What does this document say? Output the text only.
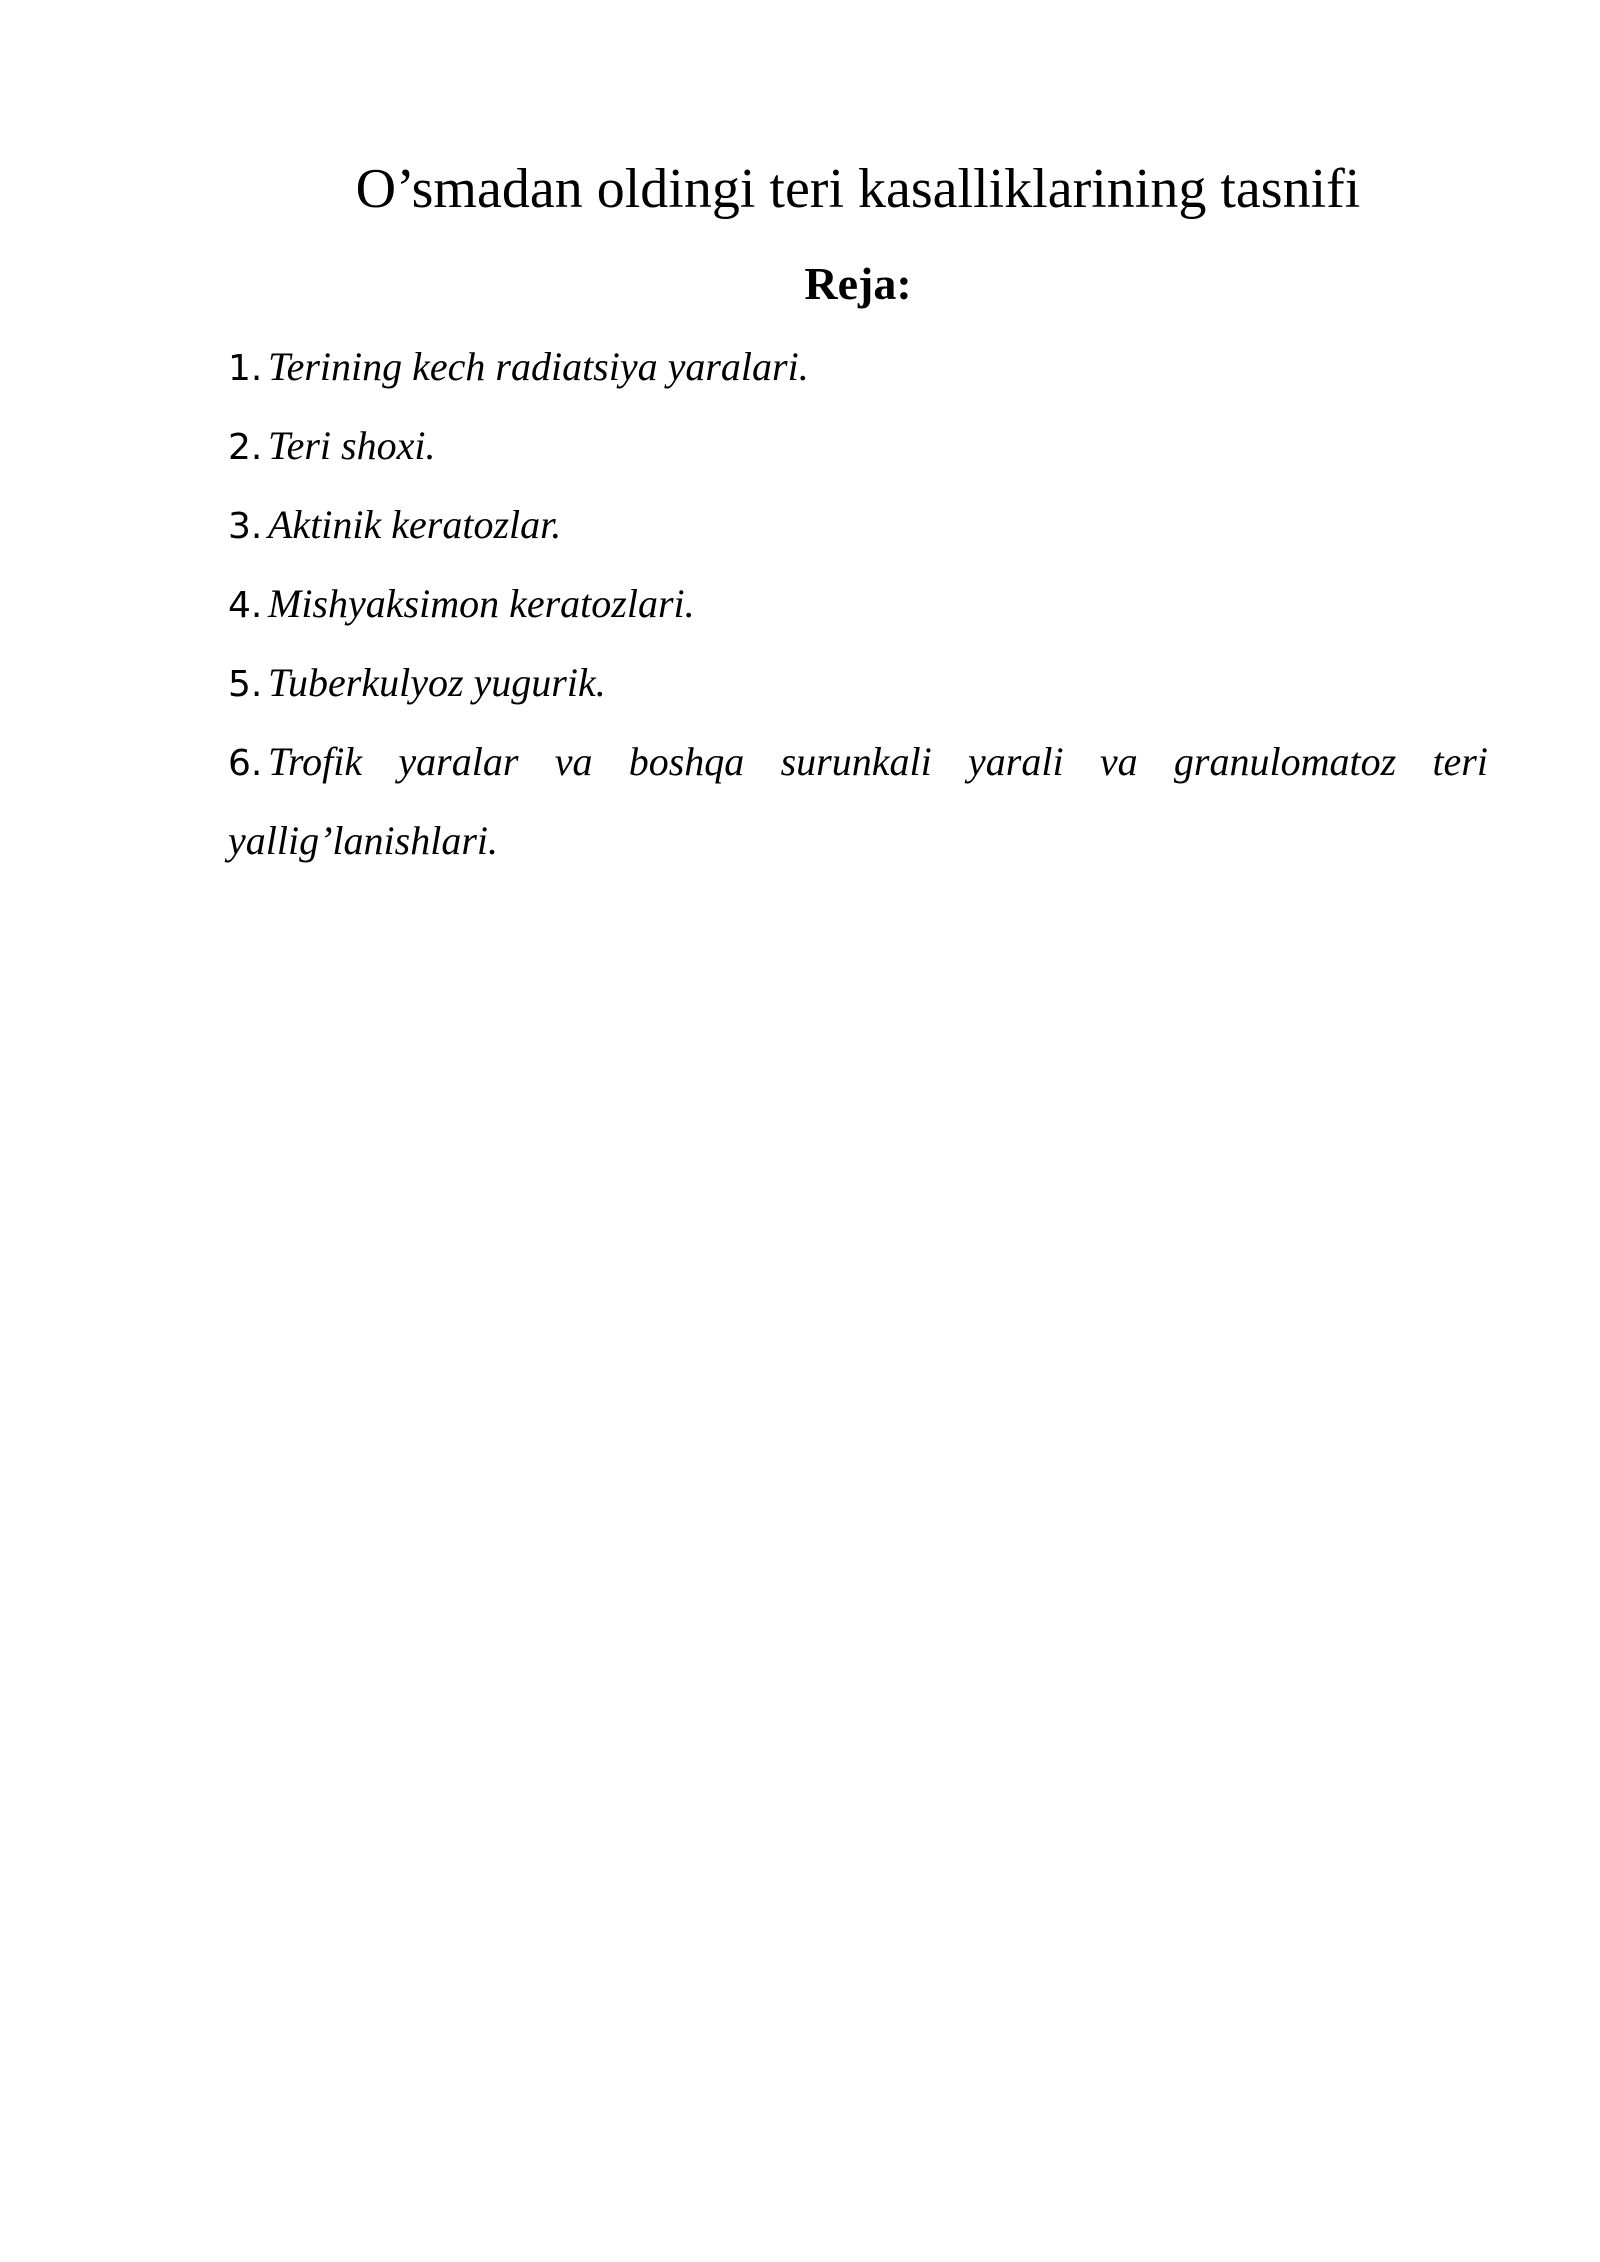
O’smadan oldingi teri kasalliklarining tasnifi
Reja:
1. Terining kech radiatsiya yaralari.
2. Teri shoxi.
3. Aktinik keratozlar.
4. Mishyaksimon keratozlari.
5. Tuberkulyoz yugurik.
6. Trofik yaralar va boshqa surunkali yarali va granulomatoz teri yallig’lanishlari.
